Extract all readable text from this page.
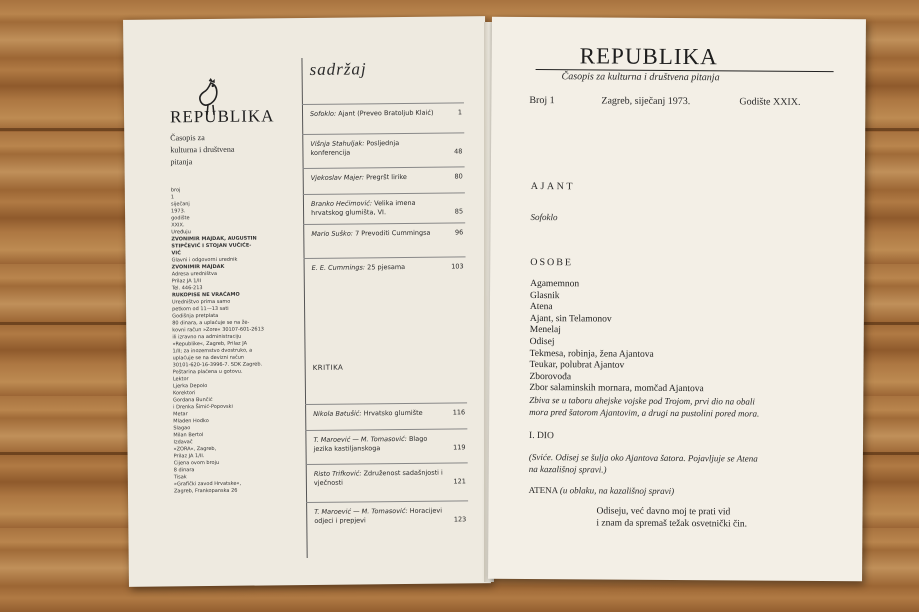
REPUBLIKA
Časopis za
kulturna i društvena
pitanja
broj
1
siječanj
1973.
godište
XXIX.
Uređuju
ZVONIMIR MAJDAK, AUGUSTIN
STIPČEVIĆ I STOJAN VUČIĆE-
VIĆ
Glavni i odgovorni urednik
ZVONIMIR MAJDAK
Adresa uredništva
Prilaz JA 1/II
Tel. 446-213
RUKOPISE NE VRAĆAMO
Uredništvo prima samo
petkom od 11—13 sati
Godišnja pretplata
80 dinara, a uplaćuje se na že-
kovni račun »Zore« 30107-601-2613
ili izravno na administraciju
»Republike«, Zagreb, Prilaz JA
1/II; za inozemstvo dvostruko, a
uplaćuje se na devizni račun
30101-620-16-3996-7. SDK Zagreb.
Poštarina plaćena u gotovu.
Lektor
Ljerka Depolo
Korektori
Gordana Bunčić
i Drenka Šimić-Popovski
Metar
Mladen Hodko
Slagao
Milan Bertol
Izdavač
»ZORA«, Zagreb,
Prilaz JA 1/II.
Cijena ovom broju
8 dinara
Tisak
»Grafički zavod Hrvatske«,
Zagreb, Frankopanska 26
sadržaj
Sofoklo: Ajant (Preveo Bratoljub Klaić)	1
Višnja Stahuljak: Posljednja konferencija	48
Vjekoslav Majer: Pregršt lirike	80
Branko Hećimović: Velika imena hrvatskog glumišta, VI.	85
Mario Suško: 7 Prevoditi Cummingsa	96
E. E. Cummings: 25 pjesama	103
KRITIKA
Nikola Batušić: Hrvatsko glumište	116
T. Maroević — M. Tomasović: Blago jezika kastiljanskoga	119
Risto Trifković: Združenost sadašnjosti i vječnosti	121
T. Maroević — M. Tomasović: Horacijevi odjeci i prepjevi	123
REPUBLIKA
Časopis za kulturna i društvena pitanja
Broj 1	Zagreb, siječanj 1973.	Godište XXIX.
AJANT
Sofoklo
OSOBE
Agamemnon
Glasnik
Atena
Ajant, sin Telamonov
Menelaj
Odisej
Tekmesa, robinja, žena Ajantova
Teukar, polubrat Ajantov
Zborovođa
Zbor salaminskih mornara, momčad Ajantova
Zbiva se u taboru ahejske vojske pod Trojom, prvi dio na obali
mora pred šatorom Ajantovim, a drugi na pustolini pored mora.
I. DIO
(Sviće. Odisej se šulja oko Ajantova šatora. Pojavljuje se Atena
na kazališnoj spravi.)
ATENA (u oblaku, na kazališnoj spravi)
Odiseju, već davno moj te prati vid
i znam da spremaš težak osvetnički čin.
